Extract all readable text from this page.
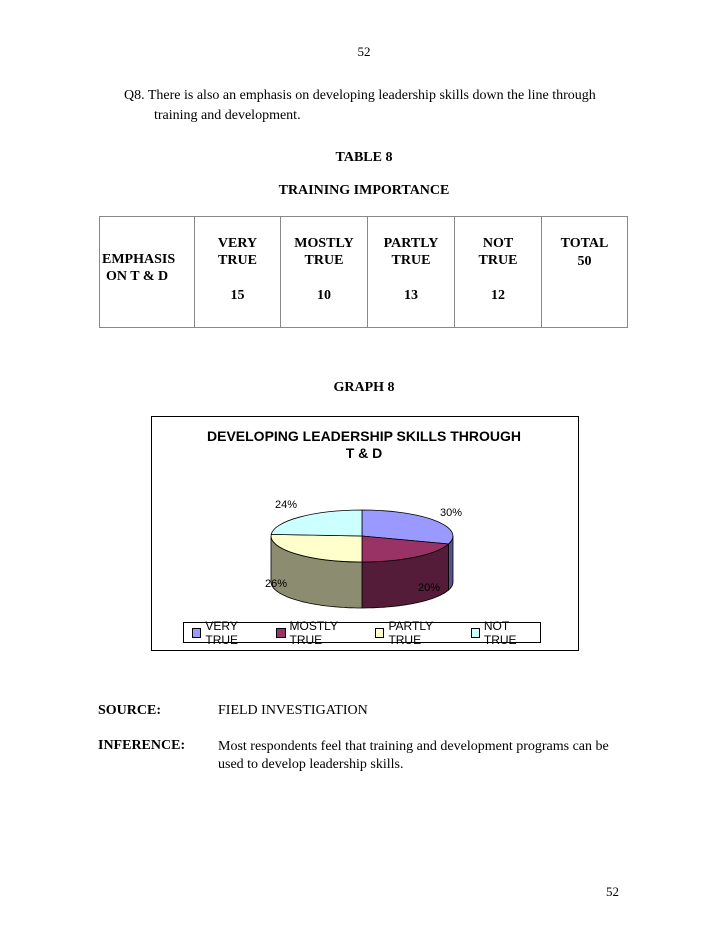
52
Q8. There is also an emphasis on developing leadership skills down the line through
training and development.
TABLE 8
TRAINING IMPORTANCE
EMPHASIS
ON T & D

VERY
TRUE
15

MOSTLY
TRUE
10

PARTLY
TRUE
13

NOT
TRUE
12

TOTAL
50
GRAPH 8
DEVELOPING LEADERSHIP SKILLS THROUGH
T & D
30%
20%
26%
24%
VERY TRUE
MOSTLY TRUE
PARTLY TRUE
NOT TRUE
SOURCE:	FIELD INVESTIGATION
INFERENCE: Most respondents feel that training and development programs can be
used to develop leadership skills.
52
